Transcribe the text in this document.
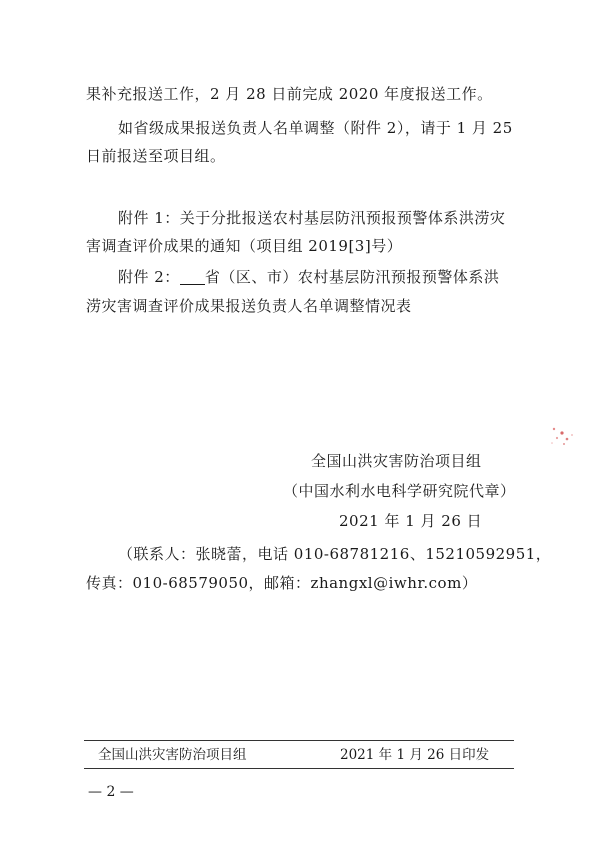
果补充报送工作，2 月 28 日前完成 2020 年度报送工作。
如省级成果报送负责人名单调整（附件 2），请于 1 月 25
日前报送至项目组。
附件 1：关于分批报送农村基层防汛预报预警体系洪涝灾
害调查评价成果的通知（项目组 2019[3]号）
附件 2： 省（区、市）农村基层防汛预报预警体系洪
涝灾害调查评价成果报送负责人名单调整情况表
全国山洪灾害防治项目组
（中国水利水电科学研究院代章）
2021 年 1 月 26 日
（联系人：张晓蕾，电话 010-68781216、15210592951，
传真：010-68579050，邮箱：zhangxl@iwhr.com）
全国山洪灾害防治项目组	2021 年 1 月 26 日印发
— 2 —
